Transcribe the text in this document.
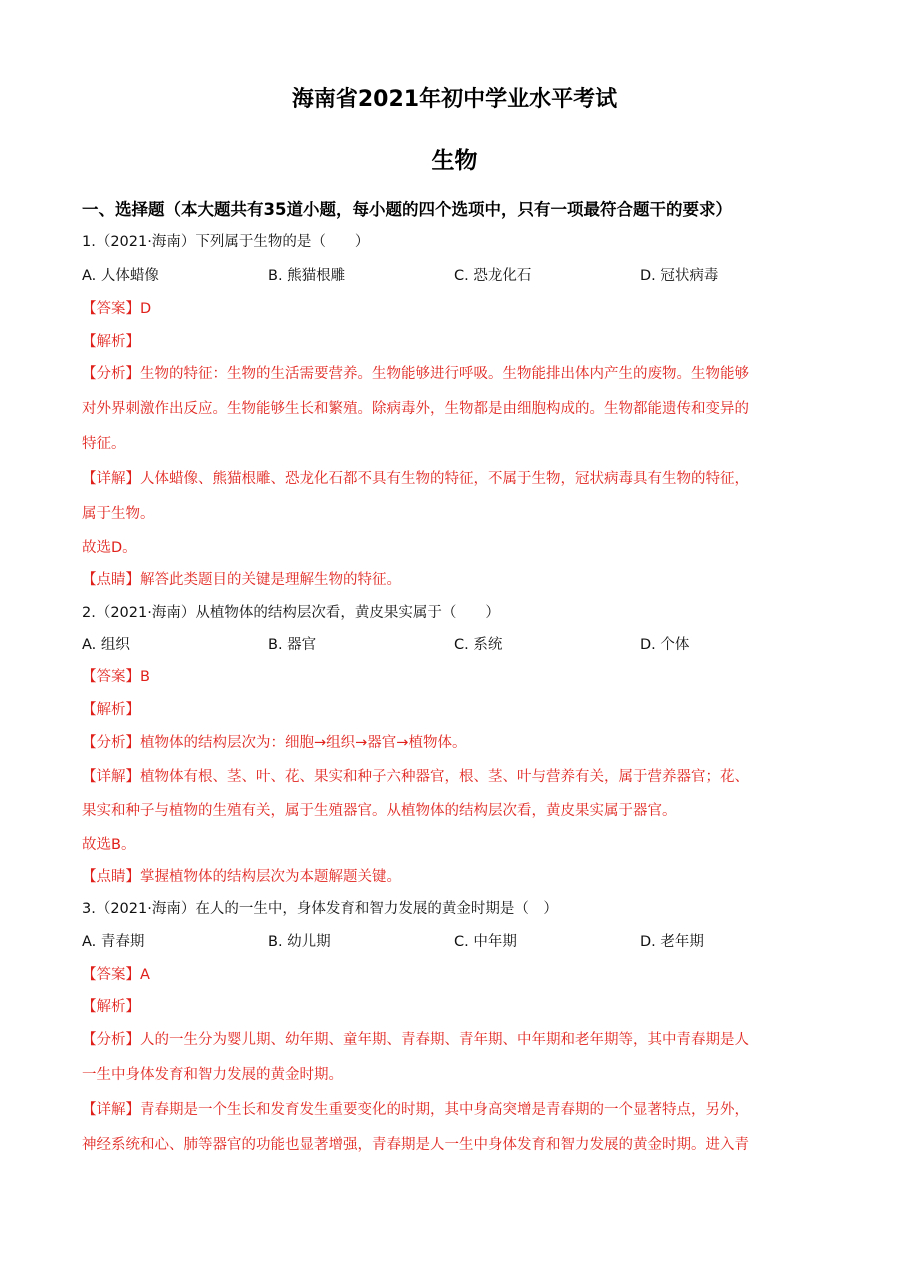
海南省2021年初中学业水平考试
生物
一、选择题（本大题共有35道小题，每小题的四个选项中，只有一项最符合题干的要求）
1.（2021·海南）下列属于生物的是（　　）
A. 人体蜡像	B. 熊猫根雕	C. 恐龙化石	D. 冠状病毒
【答案】D
【解析】
【分析】生物的特征：生物的生活需要营养。生物能够进行呼吸。生物能排出体内产生的废物。生物能够
对外界刺激作出反应。生物能够生长和繁殖。除病毒外，生物都是由细胞构成的。生物都能遗传和变异的
特征。
【详解】人体蜡像、熊猫根雕、恐龙化石都不具有生物的特征，不属于生物，冠状病毒具有生物的特征，
属于生物。
故选D。
【点睛】解答此类题目的关键是理解生物的特征。
2.（2021·海南）从植物体的结构层次看，黄皮果实属于（　　）
A. 组织	B. 器官	C. 系统	D. 个体
【答案】B
【解析】
【分析】植物体的结构层次为：细胞→组织→器官→植物体。
【详解】植物体有根、茎、叶、花、果实和种子六种器官，根、茎、叶与营养有关，属于营养器官；花、
果实和种子与植物的生殖有关，属于生殖器官。从植物体的结构层次看，黄皮果实属于器官。
故选B。
【点睛】掌握植物体的结构层次为本题解题关键。
3.（2021·海南）在人的一生中，身体发育和智力发展的黄金时期是（　）
A. 青春期	B. 幼儿期	C. 中年期	D. 老年期
【答案】A
【解析】
【分析】人的一生分为婴儿期、幼年期、童年期、青春期、青年期、中年期和老年期等，其中青春期是人
一生中身体发育和智力发展的黄金时期。
【详解】青春期是一个生长和发育发生重要变化的时期，其中身高突增是青春期的一个显著特点，另外，
神经系统和心、肺等器官的功能也显著增强，青春期是人一生中身体发育和智力发展的黄金时期。进入青
